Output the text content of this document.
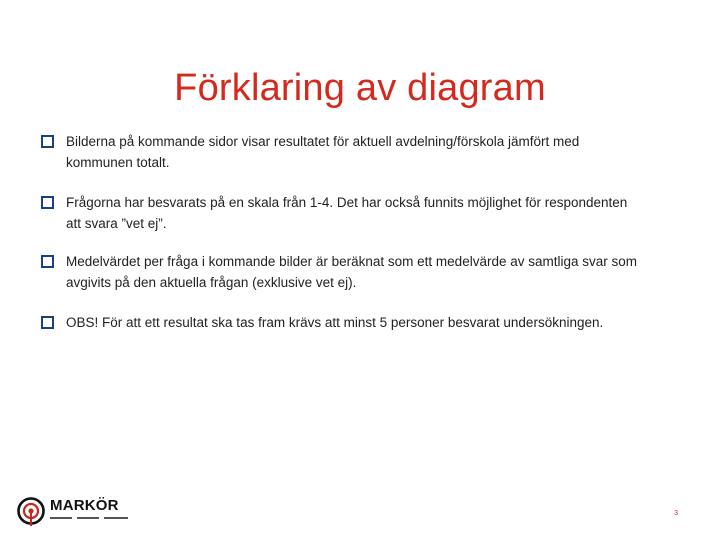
Förklaring av diagram
Bilderna på kommande sidor visar resultatet för aktuell avdelning/förskola jämfört med kommunen totalt.
Frågorna har besvarats på en skala från 1-4. Det har också funnits möjlighet för respondenten att svara ”vet ej”.
Medelvärdet per fråga i kommande bilder är beräknat som ett medelvärde av samtliga svar som avgivits på den aktuella frågan (exklusive vet ej).
OBS! För att ett resultat ska tas fram krävs att minst 5 personer besvarat undersökningen.
MARKÖR	3
